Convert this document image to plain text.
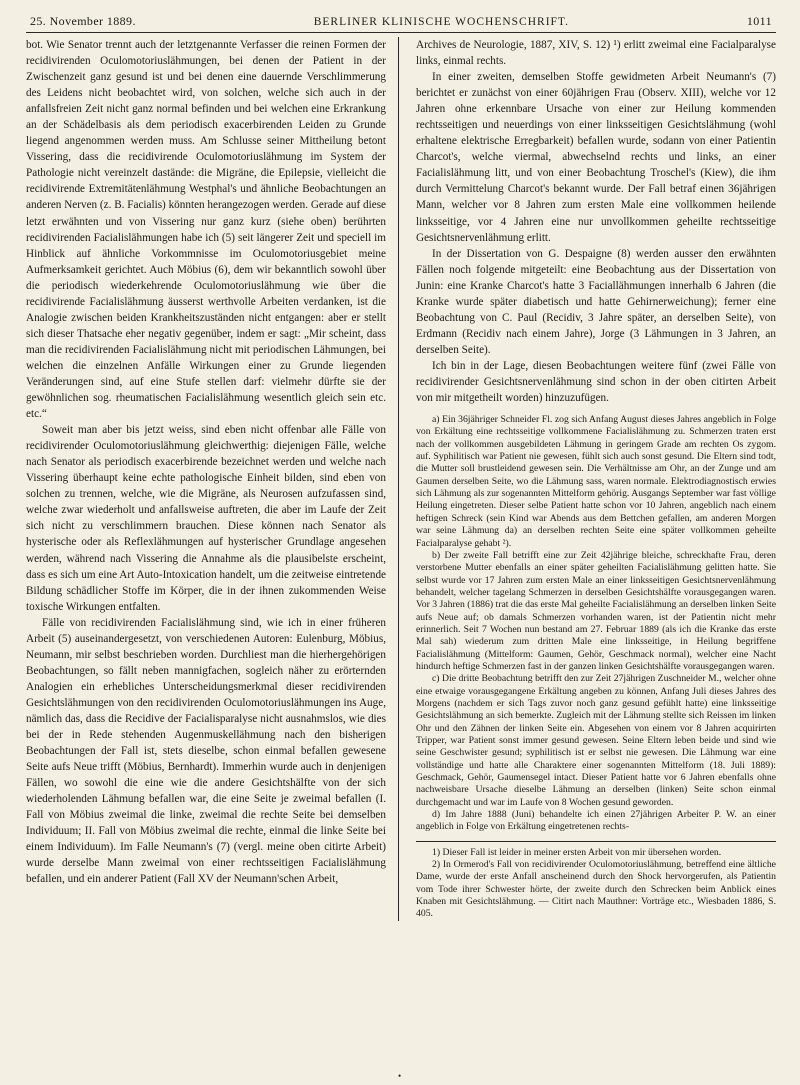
25. November 1889.	BERLINER KLINISCHE WOCHENSCHRIFT.	1011

bot. Wie Senator trennt auch der letztgenannte Verfasser die reinen Formen der recidivirenden Oculomotoriuslähmungen, bei denen der Patient in der Zwischenzeit ganz gesund ist und bei denen eine dauernde Verschlimmerung des Leidens nicht beobachtet wird, von solchen, welche sich auch in der anfallsfreien Zeit nicht ganz normal befinden und bei welchen eine Erkrankung an der Schädelbasis als dem periodisch exacerbirenden Leiden zu Grunde liegend angenommen werden muss. Am Schlusse seiner Mittheilung betont Vissering, dass die recidivirende Oculomotoriuslähmung im System der Pathologie nicht vereinzelt dastände: die Migräne, die Epilepsie, vielleicht die recidivirende Extremitätenlähmung Westphal's und ähnliche Beobachtungen an anderen Nerven (z. B. Facialis) könnten herangezogen werden. Gerade auf diese letzt erwähnten und von Vissering nur ganz kurz (siehe oben) berührten recidivirenden Facialislähmungen habe ich (5) seit längerer Zeit und speciell im Hinblick auf ähnliche Vorkommnisse im Oculomotoriusgebiet meine Aufmerksamkeit gerichtet. Auch Möbius (6), dem wir bekanntlich sowohl über die periodisch wiederkehrende Oculomotoriuslähmung wie über die recidivirende Facialislähmung äusserst werthvolle Arbeiten verdanken, ist die Analogie zwischen beiden Krankheitszuständen nicht entgangen: aber er stellt sich dieser Thatsache eher negativ gegenüber, indem er sagt: „Mir scheint, dass man die recidivirenden Facialislähmung nicht mit periodischen Lähmungen, bei welchen die einzelnen Anfälle Wirkungen einer zu Grunde liegenden Veränderungen sind, auf eine Stufe stellen darf: vielmehr dürfte sie der gewöhnlichen sog. rheumatischen Facialislähmung wesentlich gleich sein etc. etc.“

Soweit man aber bis jetzt weiss, sind eben nicht offenbar alle Fälle von recidivirender Oculomotoriuslähmung gleichwerthig: diejenigen Fälle, welche nach Senator als periodisch exacerbirende bezeichnet werden und welche nach Vissering überhaupt keine echte pathologische Einheit bilden, sind eben von solchen zu trennen, welche, wie die Migräne, als Neurosen aufzufassen sind, welche zwar wiederholt und anfallsweise auftreten, die aber im Laufe der Zeit sich nicht zu verschlimmern brauchen. Diese können nach Senator als hysterische oder als Reflexlähmungen auf hysterischer Grundlage angesehen werden, während nach Vissering die Annahme als die plausibelste erscheint, dass es sich um eine Art Auto-Intoxication handelt, um die zeitweise eintretende Bildung schädlicher Stoffe im Körper, die in der ihnen zukommenden Weise toxische Wirkungen entfalten.

Fälle von recidivirenden Facialislähmung sind, wie ich in einer früheren Arbeit (5) auseinandergesetzt, von verschiedenen Autoren: Eulenburg, Möbius, Neumann, mir selbst beschrieben worden. Durchliest man die hierhergehörigen Beobachtungen, so fällt neben mannigfachen, sogleich näher zu erörternden Analogien ein erhebliches Unterscheidungsmerkmal dieser recidivirenden Gesichtslähmungen von den recidivirenden Oculomotoriuslähmungen ins Auge, nämlich das, dass die Recidive der Facialisparalyse nicht ausnahmslos, wie dies bei der in Rede stehenden Augenmuskellähmung nach den bisherigen Beobachtungen der Fall ist, stets dieselbe, schon einmal befallen gewesene Seite aufs Neue trifft (Möbius, Bernhardt). Immerhin wurde auch in denjenigen Fällen, wo sowohl die eine wie die andere Gesichtshälfte von der sich wiederholenden Lähmung befallen war, die eine Seite je zweimal befallen (I. Fall von Möbius zweimal die linke, zweimal die rechte Seite bei demselben Individuum; II. Fall von Möbius zweimal die rechte, einmal die linke Seite bei einem Individuum). Im Falle Neumann's (7) (vergl. meine oben citirte Arbeit) wurde derselbe Mann zweimal von einer rechtsseitigen Facialislähmung befallen, und ein anderer Patient (Fall XV der Neumann'schen Arbeit,

Archives de Neurologie, 1887, XIV, S. 12) ¹) erlitt zweimal eine Facialparalyse links, einmal rechts.

In einer zweiten, demselben Stoffe gewidmeten Arbeit Neumann's (7) berichtet er zunächst von einer 60jährigen Frau (Observ. XIII), welche vor 12 Jahren ohne erkennbare Ursache von einer zur Heilung kommenden rechtsseitigen und neuerdings von einer linksseitigen Gesichtslähmung (wohl erhaltene elektrische Erregbarkeit) befallen wurde, sodann von einer Patientin Charcot's, welche viermal, abwechselnd rechts und links, an einer Facialislähmung litt, und von einer Beobachtung Troschel's (Kiew), die ihm durch Vermittelung Charcot's bekannt wurde. Der Fall betraf einen 36jährigen Mann, welcher vor 8 Jahren zum ersten Male eine vollkommen heilende linksseitige, vor 4 Jahren eine nur unvollkommen geheilte rechtsseitige Gesichtsnervenlähmung erlitt.

In der Dissertation von G. Despaigne (8) werden ausser den erwähnten Fällen noch folgende mitgeteilt: eine Beobachtung aus der Dissertation von Junin: eine Kranke Charcot's hatte 3 Faciallähmungen innerhalb 6 Jahren (die Kranke wurde später diabetisch und hatte Gehirnerweichung); ferner eine Beobachtung von C. Paul (Recidiv, 3 Jahre später, an derselben Seite), von Erdmann (Recidiv nach einem Jahre), Jorge (3 Lähmungen in 3 Jahren, an derselben Seite).

Ich bin in der Lage, diesen Beobachtungen weitere fünf (zwei Fälle von recidivirender Gesichtsnervenlähmung sind schon in der oben citirten Arbeit von mir mitgetheilt worden) hinzuzufügen.

a) Ein 36jähriger Schneider Fl. zog sich Anfang August dieses Jahres angeblich in Folge von Erkältung eine rechtsseitige vollkommene Facialislähmung zu. Schmerzen traten erst nach der vollkommen ausgebildeten Lähmung in geringem Grade am rechten Os zygom. auf. Syphilitisch war Patient nie gewesen, fühlt sich auch sonst gesund. Die Eltern sind todt, die Mutter soll brustleidend gewesen sein. Die Verhältnisse am Ohr, an der Zunge und am Gaumen derselben Seite, wo die Lähmung sass, waren normale. Elektrodiagnostisch erwies sich Lähmung als zur sogenannten Mittelform gehörig. Ausgangs September war fast völlige Heilung eingetreten. Dieser selbe Patient hatte schon vor 10 Jahren, angeblich nach einem heftigen Schreck (sein Kind war Abends aus dem Bettchen gefallen, am anderen Morgen war seine Lähmung da) an derselben rechten Seite eine später vollkommen geheilte Facialparalyse gehabt ²).

b) Der zweite Fall betrifft eine zur Zeit 42jährige bleiche, schreckhafte Frau, deren verstorbene Mutter ebenfalls an einer später geheilten Facialislähmung gelitten hatte. Sie selbst wurde vor 17 Jahren zum ersten Male an einer linksseitigen Gesichtsnervenlähmung behandelt, welcher tagelang Schmerzen in derselben Gesichtshälfte vorausgegangen waren. Vor 3 Jahren (1886) trat die das erste Mal geheilte Facialislähmung an derselben linken Seite aufs Neue auf; ob damals Schmerzen vorhanden waren, ist der Patientin nicht mehr erinnerlich. Seit 7 Wochen nun bestand am 27. Februar 1889 (als ich die Kranke das erste Mal sah) wiederum zum dritten Male eine linksseitige, in Heilung begriffene Facialislähmung (Mittelform: Gaumen, Gehör, Geschmack normal), welcher eine Nacht hindurch heftige Schmerzen fast in der ganzen linken Gesichtshälfte vorausgegangen waren.

c) Die dritte Beobachtung betrifft den zur Zeit 27jährigen Zuschneider M., welcher ohne eine etwaige vorausgegangene Erkältung angeben zu können, Anfang Juli dieses Jahres des Morgens (nachdem er sich Tags zuvor noch ganz gesund gefühlt hatte) eine linksseitige Gesichtslähmung an sich bemerkte. Zugleich mit der Lähmung stellte sich Reissen im linken Ohr und den Zähnen der linken Seite ein. Abgesehen von einem vor 8 Jahren acquirirten Tripper, war Patient sonst immer gesund gewesen. Seine Eltern leben beide und sind wie seine Geschwister gesund; syphilitisch ist er selbst nie gewesen. Die Lähmung war eine vollständige und hatte alle Charaktere einer sogenannten Mittelform (18. Juli 1889): Geschmack, Gehör, Gaumensegel intact. Dieser Patient hatte vor 6 Jahren ebenfalls ohne nachweisbare Ursache dieselbe Lähmung an derselben (linken) Seite schon einmal durchgemacht und war im Laufe von 8 Wochen gesund geworden.

d) Im Jahre 1888 (Juni) behandelte ich einen 27jährigen Arbeiter P. W. an einer angeblich in Folge von Erkältung eingetretenen rechts-

1) Dieser Fall ist leider in meiner ersten Arbeit von mir übersehen worden.

2) In Ormerod's Fall von recidivirender Oculomotoriuslähmung, betreffend eine ältliche Dame, wurde der erste Anfall anscheinend durch den Shock hervorgerufen, als Patientin vom Tode ihrer Schwester hörte, der zweite durch den Schrecken beim Anblick eines Knaben mit Gesichtslähmung. — Citirt nach Mauthner: Vorträge etc., Wiesbaden 1886, S. 405.

•
